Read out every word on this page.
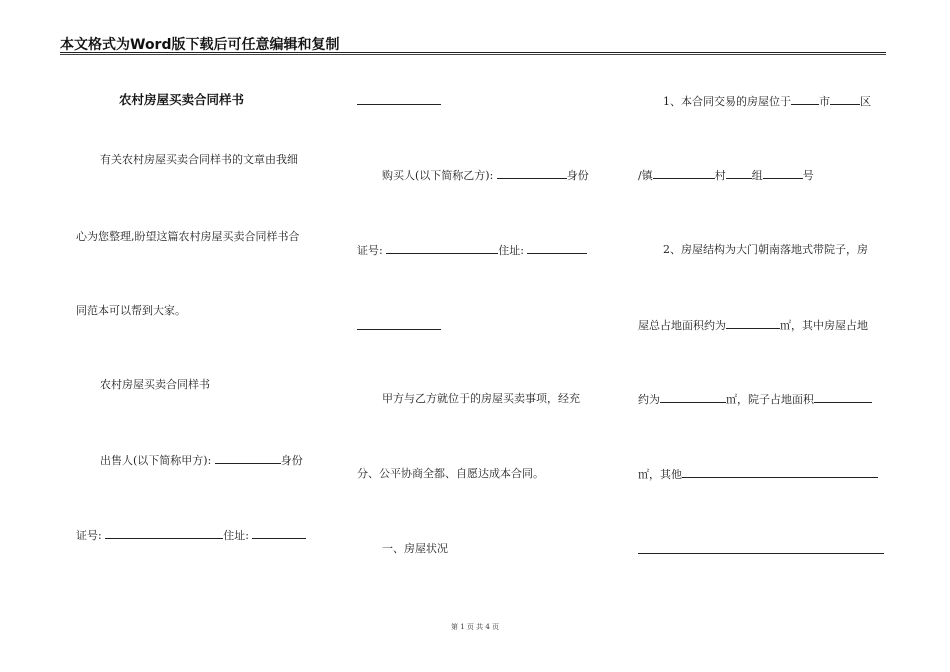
本文格式为Word版下载后可任意编辑和复制
农村房屋买卖合同样书
有关农村房屋买卖合同样书的文章由我细
心为您整理,盼望这篇农村房屋买卖合同样书合
同范本可以帮到大家。
农村房屋买卖合同样书
出售人(以下简称甲方):	身份
证号:	住址:
购买人(以下简称乙方):	身份
证号:	住址:
甲方与乙方就位于的房屋买卖事项，经充
分、公平协商全都、自愿达成本合同。
一、房屋状况
1、本合同交易的房屋位于	市	区
/镇	村 组	号
2、房屋结构为大门朝南落地式带院子，房
屋总占地面积约为	㎡，其中房屋占地
约为	㎡，院子占地面积
㎡，其他
第 1 页 共 4 页
